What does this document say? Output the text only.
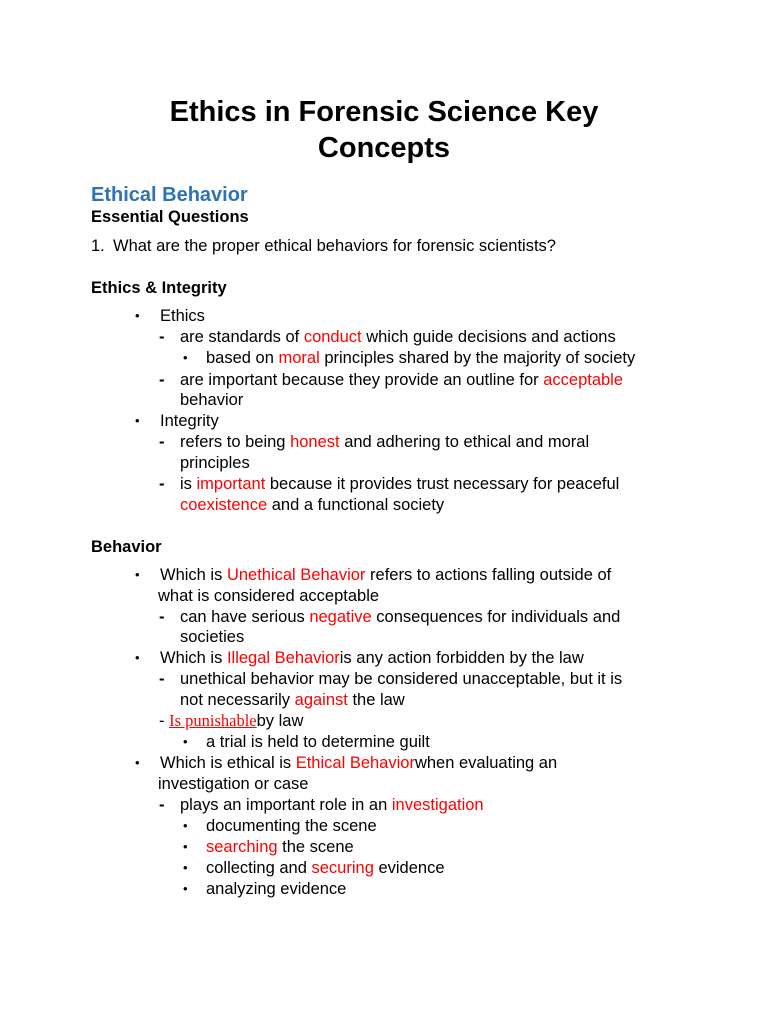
Ethics in Forensic Science Key
Concepts
Ethical Behavior
Essential Questions
1. What are the proper ethical behaviors for forensic scientists?
Ethics & Integrity
• Ethics
- are standards of conduct which guide decisions and actions
• based on moral principles shared by the majority of society
- are important because they provide an outline for acceptable
behavior
• Integrity
- refers to being honest and adhering to ethical and moral
principles
- is important because it provides trust necessary for peaceful
coexistence and a functional society
Behavior
• Which is Unethical Behavior refers to actions falling outside of
what is considered acceptable
- can have serious negative consequences for individuals and
societies
• Which is Illegal Behavioris any action forbidden by the law
- unethical behavior may be considered unacceptable, but it is
not necessarily against the law
- Is punishableby law
• a trial is held to determine guilt
• Which is ethical is Ethical Behaviorwhen evaluating an
investigation or case
- plays an important role in an investigation
• documenting the scene
• searching the scene
• collecting and securing evidence
• analyzing evidence
